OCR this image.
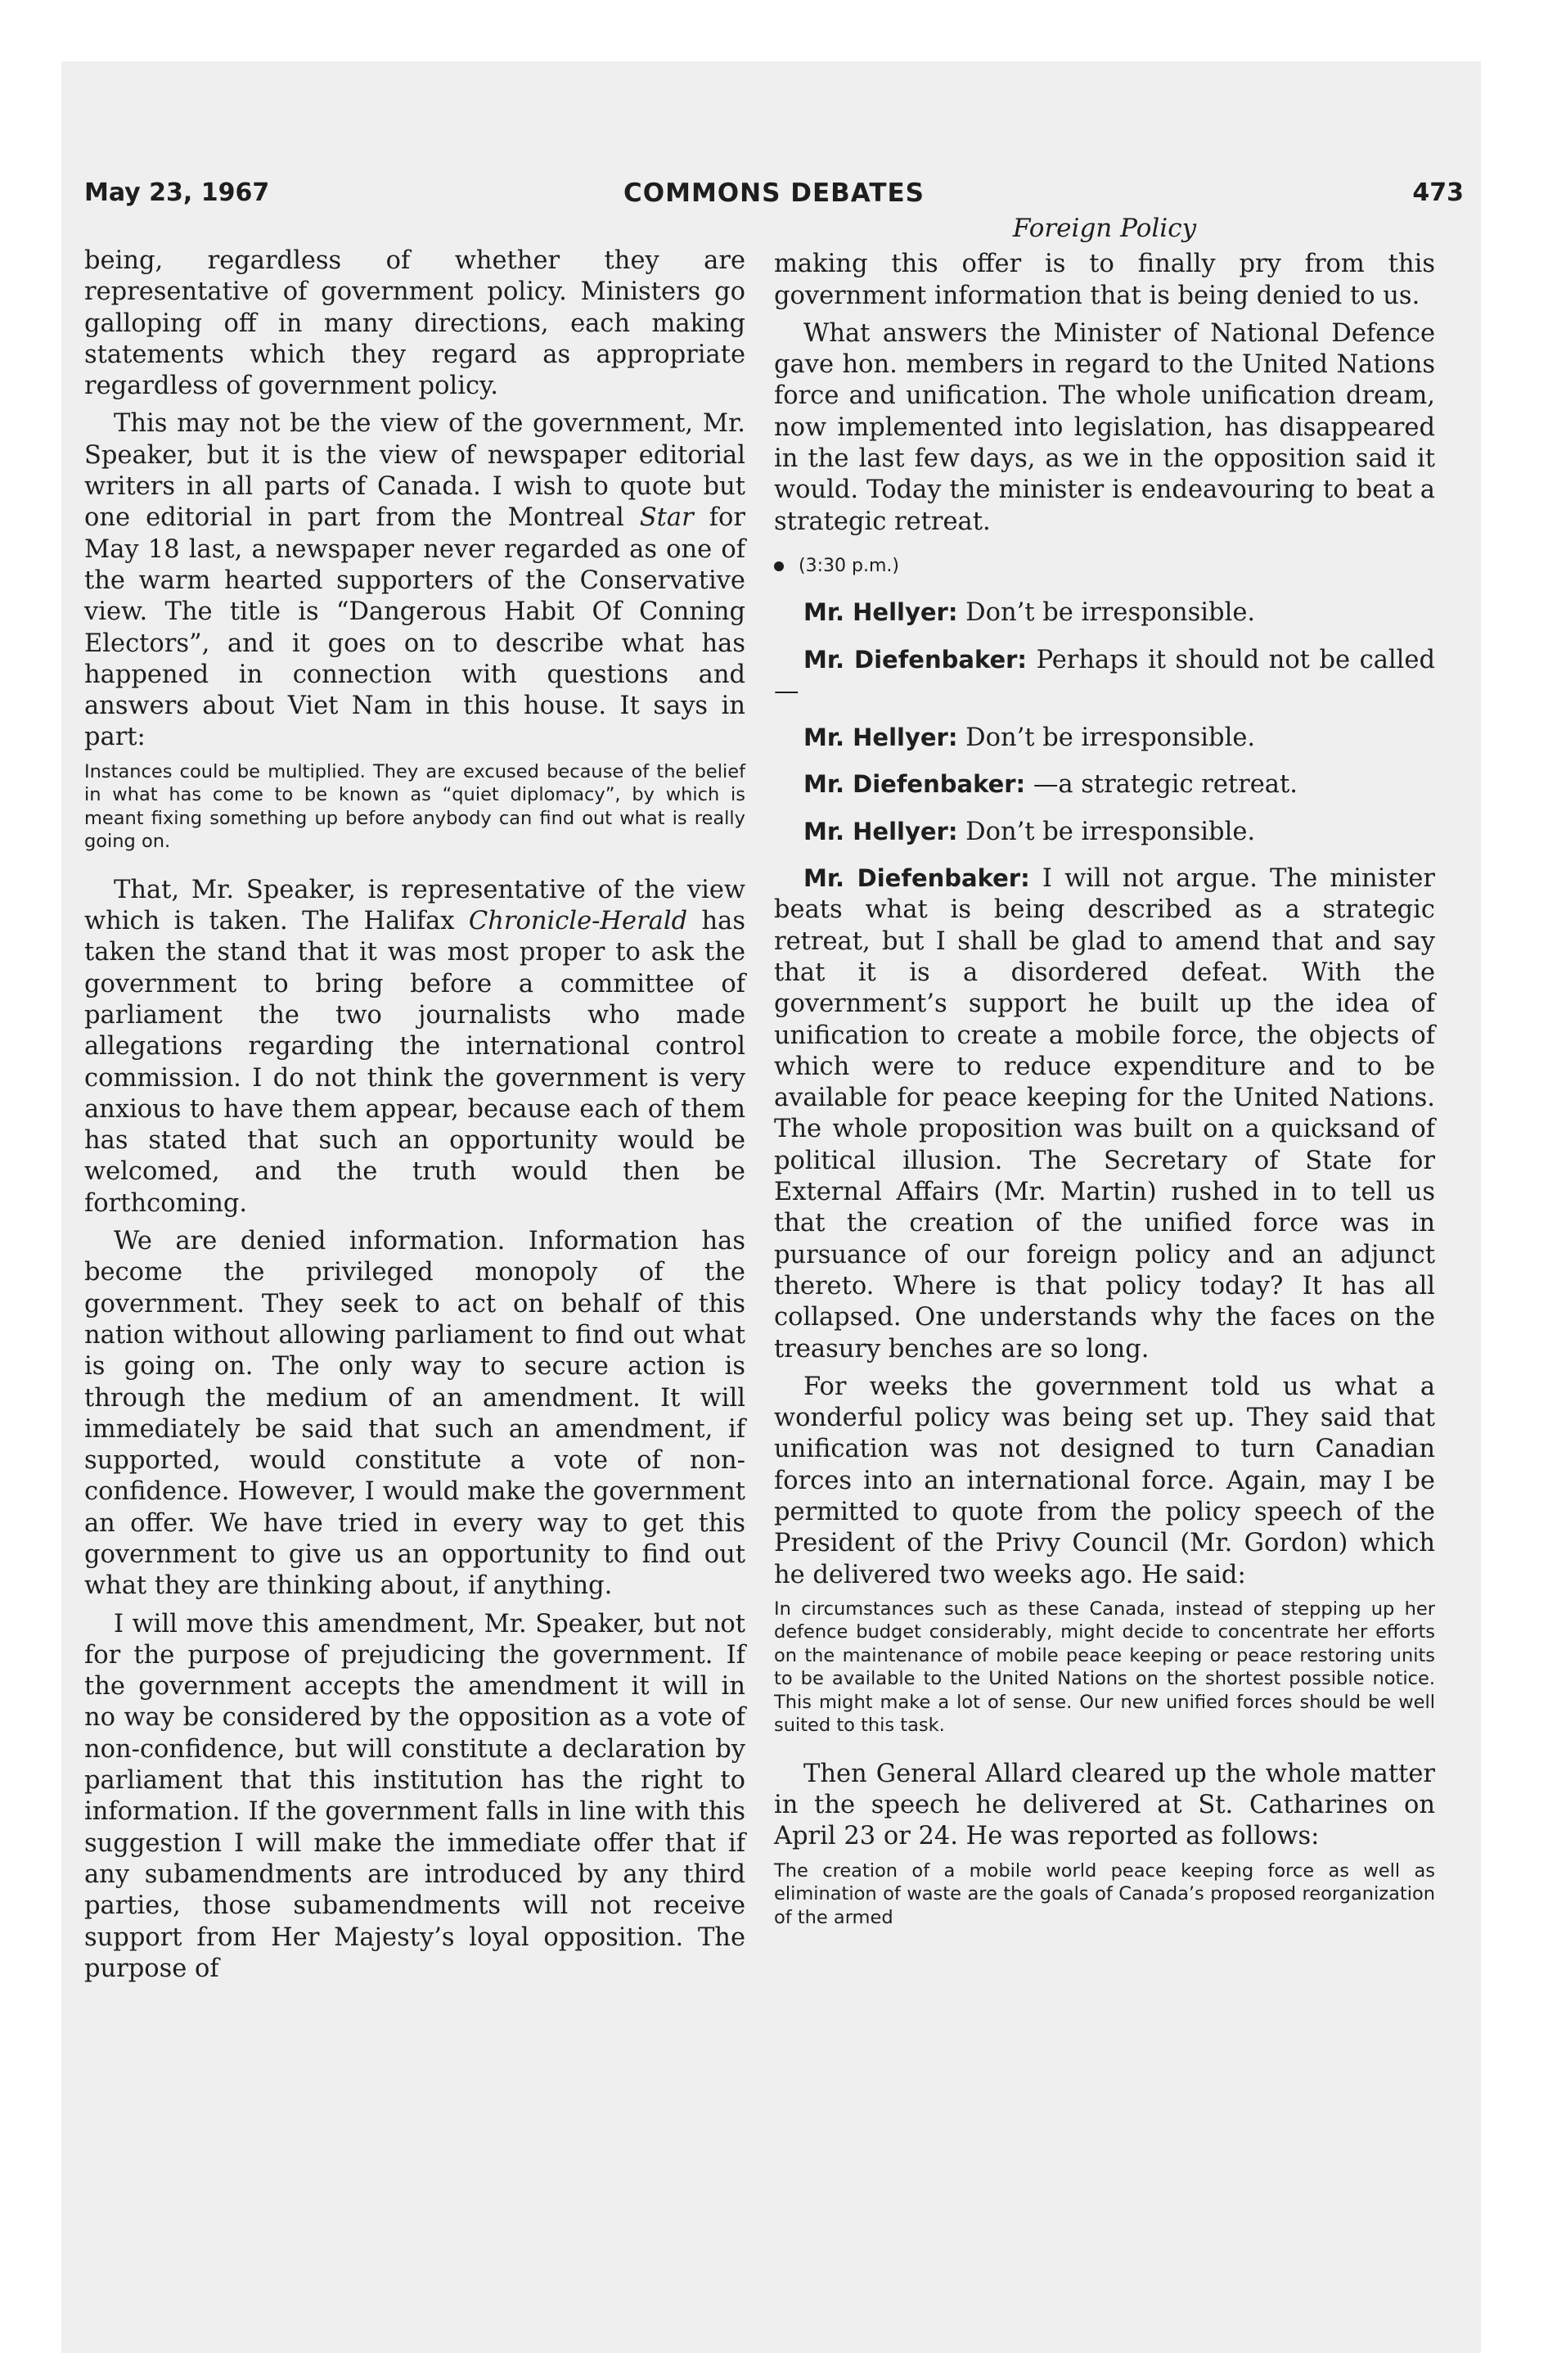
May 23, 1967	COMMONS DEBATES	473

being, regardless of whether they are representative of government policy. Ministers go galloping off in many directions, each making statements which they regard as appropriate regardless of government policy.

This may not be the view of the government, Mr. Speaker, but it is the view of newspaper editorial writers in all parts of Canada. I wish to quote but one editorial in part from the Montreal Star for May 18 last, a newspaper never regarded as one of the warm hearted supporters of the Conservative view. The title is “Dangerous Habit Of Conning Electors”, and it goes on to describe what has happened in connection with questions and answers about Viet Nam in this house. It says in part:

Instances could be multiplied. They are excused because of the belief in what has come to be known as “quiet diplomacy”, by which is meant fixing something up before anybody can find out what is really going on.

That, Mr. Speaker, is representative of the view which is taken. The Halifax Chronicle-Herald has taken the stand that it was most proper to ask the government to bring before a committee of parliament the two journalists who made allegations regarding the international control commission. I do not think the government is very anxious to have them appear, because each of them has stated that such an opportunity would be welcomed, and the truth would then be forthcoming.

We are denied information. Information has become the privileged monopoly of the government. They seek to act on behalf of this nation without allowing parliament to find out what is going on. The only way to secure action is through the medium of an amendment. It will immediately be said that such an amendment, if supported, would constitute a vote of non-confidence. However, I would make the government an offer. We have tried in every way to get this government to give us an opportunity to find out what they are thinking about, if anything.

I will move this amendment, Mr. Speaker, but not for the purpose of prejudicing the government. If the government accepts the amendment it will in no way be considered by the opposition as a vote of non-confidence, but will constitute a declaration by parliament that this institution has the right to information. If the government falls in line with this suggestion I will make the immediate offer that if any subamendments are introduced by any third parties, those subamendments will not receive support from Her Majesty’s loyal opposition. The purpose of

Foreign Policy

making this offer is to finally pry from this government information that is being denied to us.

What answers the Minister of National Defence gave hon. members in regard to the United Nations force and unification. The whole unification dream, now implemented into legislation, has disappeared in the last few days, as we in the opposition said it would. Today the minister is endeavouring to beat a strategic retreat.

(3:30 p.m.)

Mr. Hellyer: Don’t be irresponsible.

Mr. Diefenbaker: Perhaps it should not be called—

Mr. Hellyer: Don’t be irresponsible.

Mr. Diefenbaker: —a strategic retreat.

Mr. Hellyer: Don’t be irresponsible.

Mr. Diefenbaker: I will not argue. The minister beats what is being described as a strategic retreat, but I shall be glad to amend that and say that it is a disordered defeat. With the government’s support he built up the idea of unification to create a mobile force, the objects of which were to reduce expenditure and to be available for peace keeping for the United Nations. The whole proposition was built on a quicksand of political illusion. The Secretary of State for External Affairs (Mr. Martin) rushed in to tell us that the creation of the unified force was in pursuance of our foreign policy and an adjunct thereto. Where is that policy today? It has all collapsed. One understands why the faces on the treasury benches are so long.

For weeks the government told us what a wonderful policy was being set up. They said that unification was not designed to turn Canadian forces into an international force. Again, may I be permitted to quote from the policy speech of the President of the Privy Council (Mr. Gordon) which he delivered two weeks ago. He said:

In circumstances such as these Canada, instead of stepping up her defence budget considerably, might decide to concentrate her efforts on the maintenance of mobile peace keeping or peace restoring units to be available to the United Nations on the shortest possible notice. This might make a lot of sense. Our new unified forces should be well suited to this task.

Then General Allard cleared up the whole matter in the speech he delivered at St. Catharines on April 23 or 24. He was reported as follows:

The creation of a mobile world peace keeping force as well as elimination of waste are the goals of Canada’s proposed reorganization of the armed
